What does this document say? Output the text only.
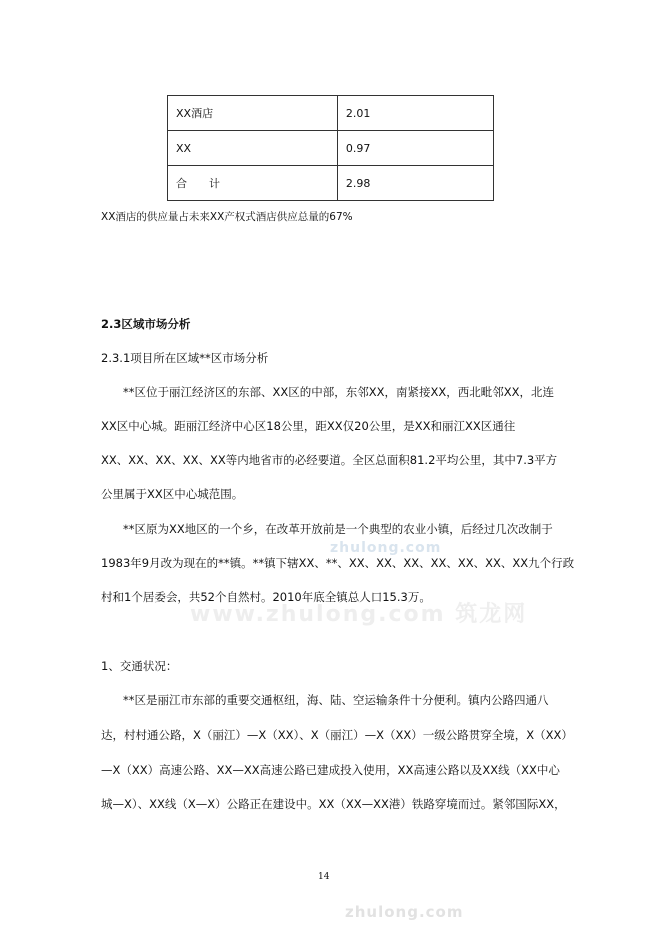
XX酒店	2.01
XX	0.97
合　　计	2.98
XX酒店的供应量占未来XX产权式酒店供应总量的67%
2.3区域市场分析
2.3.1项目所在区域**区市场分析
**区位于丽江经济区的东部、XX区的中部，东邻XX，南紧接XX，西北毗邻XX，北连
XX区中心城。距丽江经济中心区18公里，距XX仅20公里，是XX和丽江XX区通往
XX、XX、XX、XX、XX等内地省市的必经要道。全区总面积81.2平均公里，其中7.3平方
公里属于XX区中心城范围。
**区原为XX地区的一个乡，在改革开放前是一个典型的农业小镇，后经过几次改制于
1983年9月改为现在的**镇。**镇下辖XX、**、XX、XX、XX、XX、XX、XX、XX九个行政
村和1个居委会，共52个自然村。2010年底全镇总人口15.3万。
1、交通状况：
**区是丽江市东部的重要交通枢纽，海、陆、空运输条件十分便利。镇内公路四通八
达，村村通公路，X（丽江）—X（XX）、X（丽江）—X（XX）一级公路贯穿全境，X（XX）
—X（XX）高速公路、XX—XX高速公路已建成投入使用，XX高速公路以及XX线（XX中心
城—X）、XX线（X—X）公路正在建设中。XX（XX—XX港）铁路穿境而过。紧邻国际XX，
14
zhulong.com
www.zhulong.com 筑龙网
zhulong.com
